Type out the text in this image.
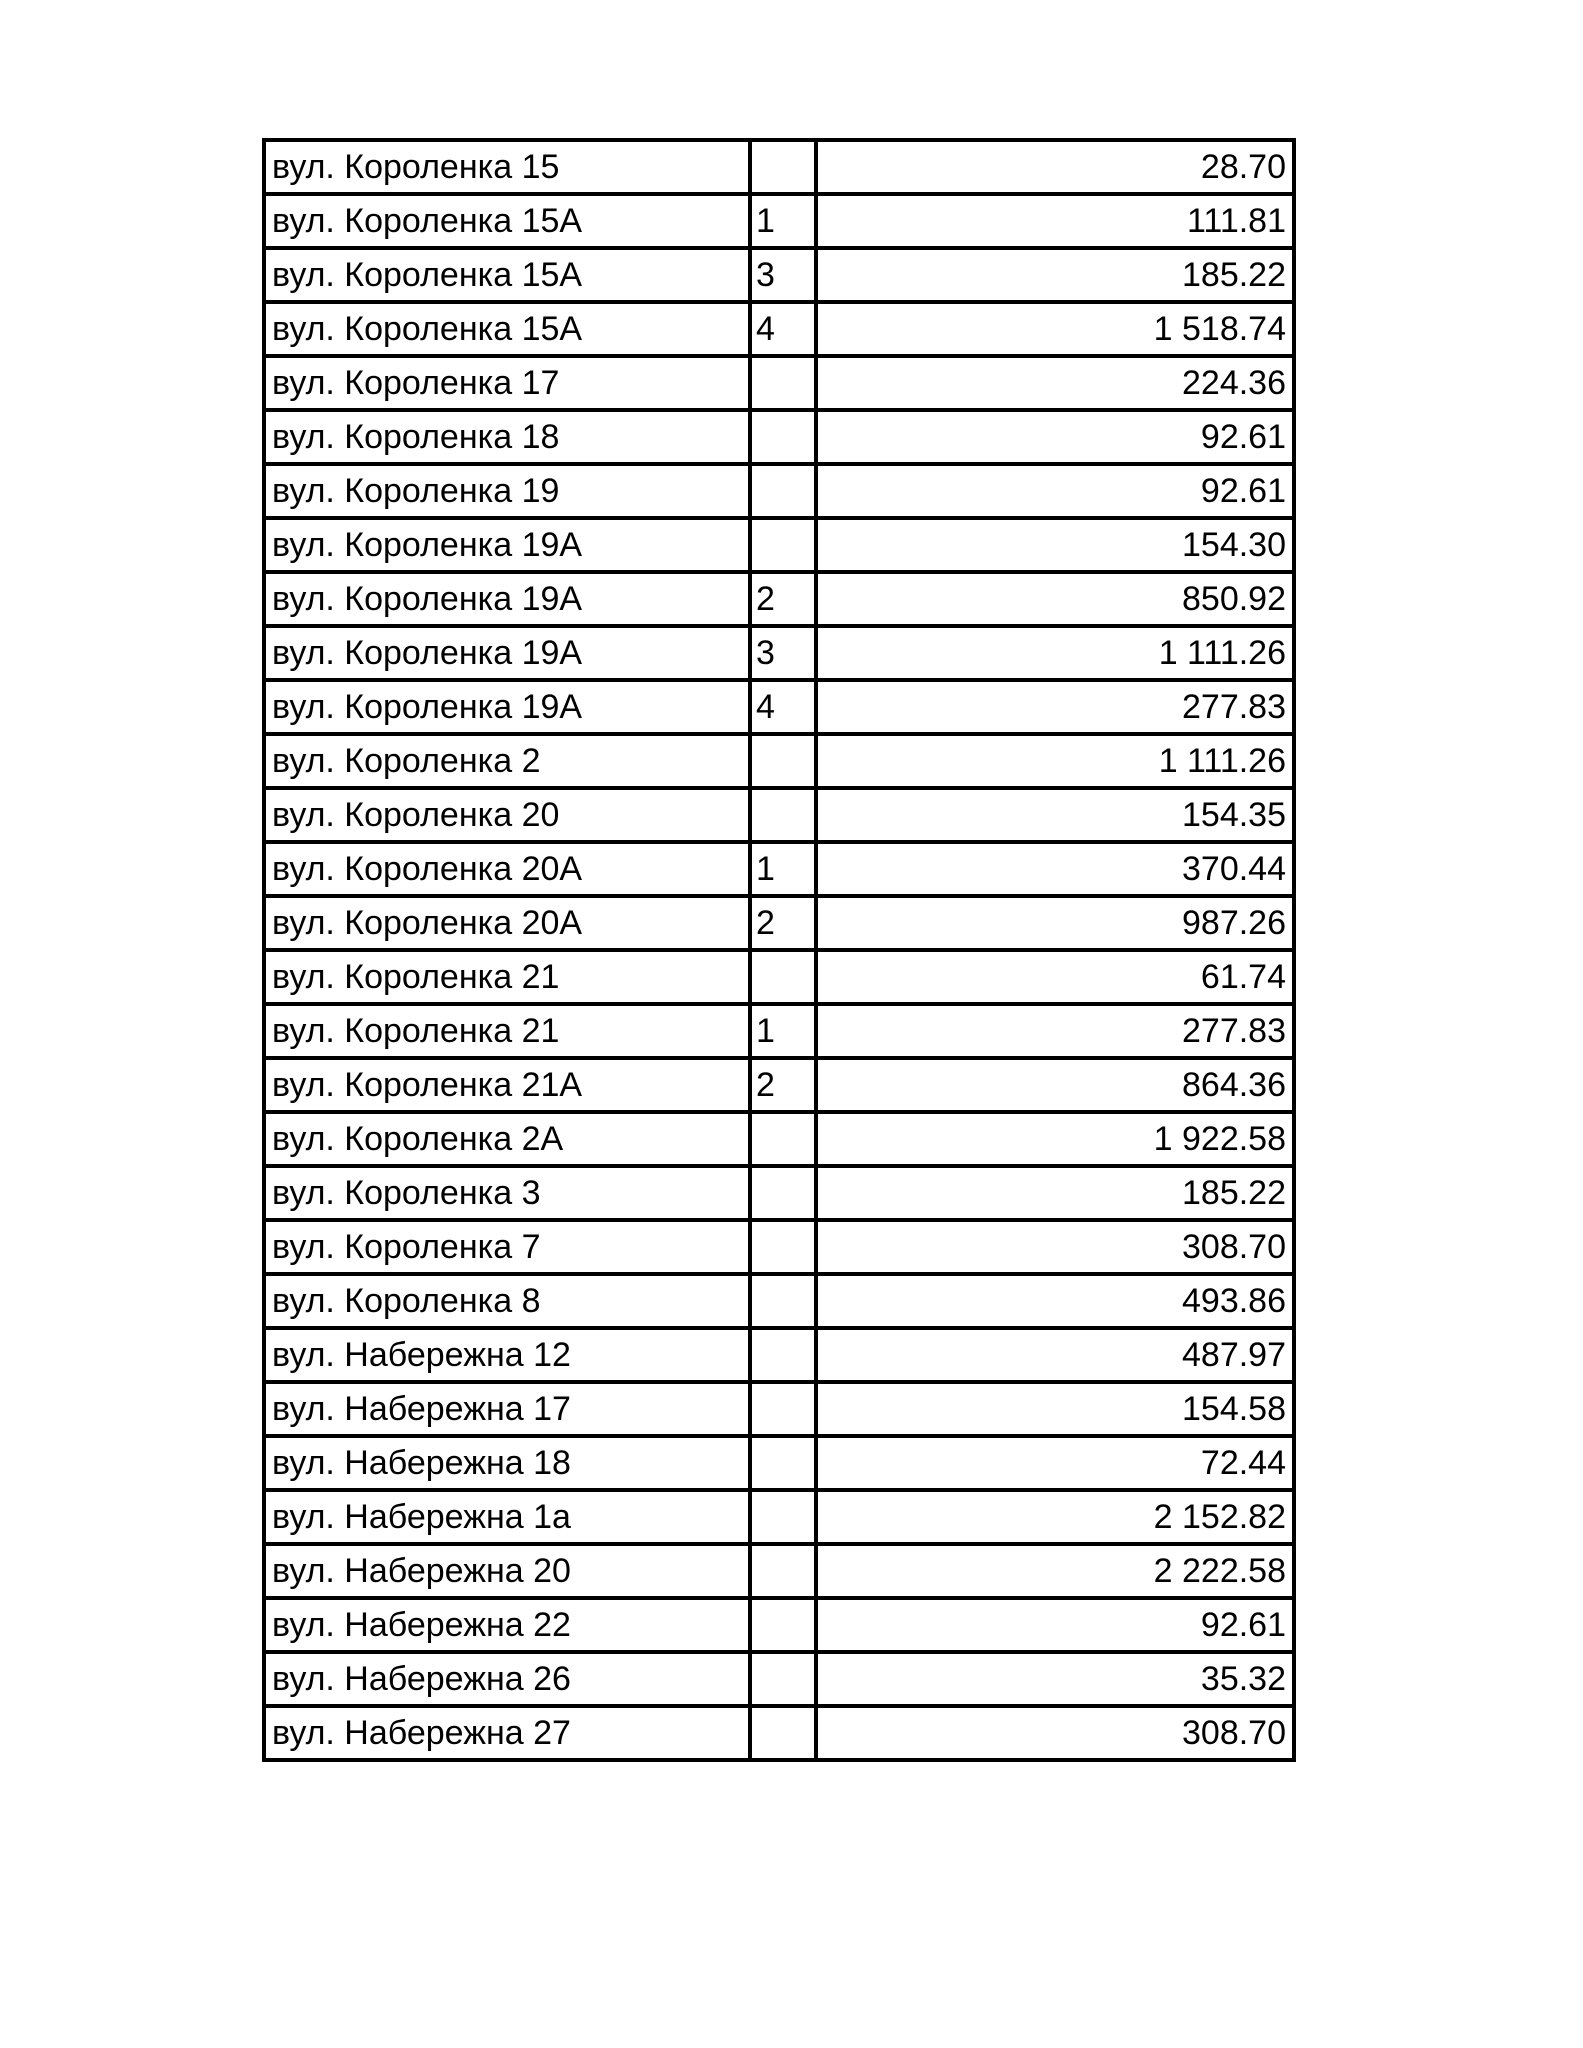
вул. Короленка 15		28.70
вул. Короленка 15А	1	111.81
вул. Короленка 15А	3	185.22
вул. Короленка 15А	4	1 518.74
вул. Короленка 17		224.36
вул. Короленка 18		92.61
вул. Короленка 19		92.61
вул. Короленка 19А		154.30
вул. Короленка 19А	2	850.92
вул. Короленка 19А	3	1 111.26
вул. Короленка 19А	4	277.83
вул. Короленка 2		1 111.26
вул. Короленка 20		154.35
вул. Короленка 20А	1	370.44
вул. Короленка 20А	2	987.26
вул. Короленка 21		61.74
вул. Короленка 21	1	277.83
вул. Короленка 21А	2	864.36
вул. Короленка 2А		1 922.58
вул. Короленка 3		185.22
вул. Короленка 7		308.70
вул. Короленка 8		493.86
вул. Набережна 12		487.97
вул. Набережна 17		154.58
вул. Набережна 18		72.44
вул. Набережна 1а		2 152.82
вул. Набережна 20		2 222.58
вул. Набережна 22		92.61
вул. Набережна 26		35.32
вул. Набережна 27		308.70
